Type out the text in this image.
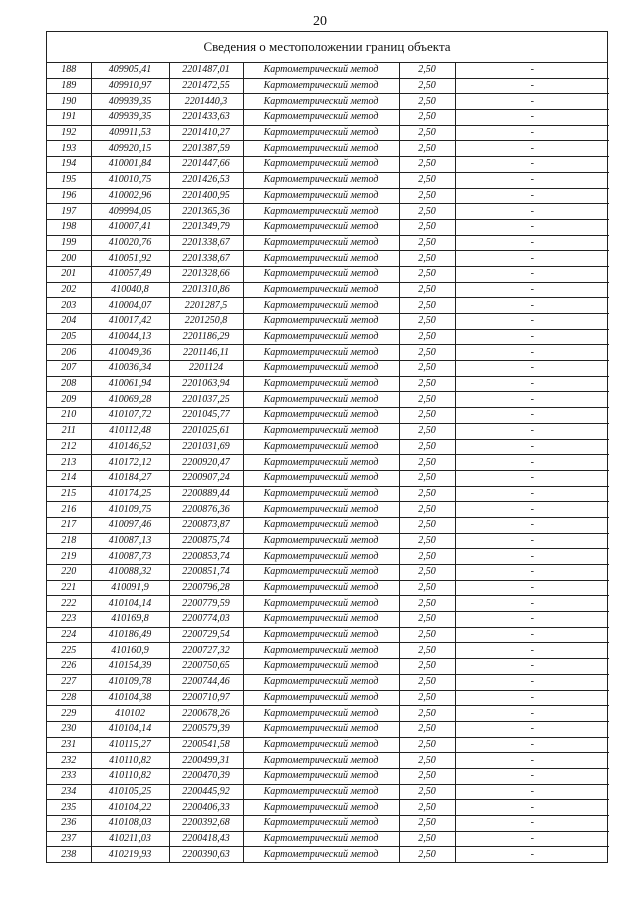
20
Сведения о местоположении границ объекта
188	409905,41	2201487,01	Картометрический метод	2,50	-
189	409910,97	2201472,55	Картометрический метод	2,50	-
190	409939,35	2201440,3	Картометрический метод	2,50	-
191	409939,35	2201433,63	Картометрический метод	2,50	-
192	409911,53	2201410,27	Картометрический метод	2,50	-
193	409920,15	2201387,59	Картометрический метод	2,50	-
194	410001,84	2201447,66	Картометрический метод	2,50	-
195	410010,75	2201426,53	Картометрический метод	2,50	-
196	410002,96	2201400,95	Картометрический метод	2,50	-
197	409994,05	2201365,36	Картометрический метод	2,50	-
198	410007,41	2201349,79	Картометрический метод	2,50	-
199	410020,76	2201338,67	Картометрический метод	2,50	-
200	410051,92	2201338,67	Картометрический метод	2,50	-
201	410057,49	2201328,66	Картометрический метод	2,50	-
202	410040,8	2201310,86	Картометрический метод	2,50	-
203	410004,07	2201287,5	Картометрический метод	2,50	-
204	410017,42	2201250,8	Картометрический метод	2,50	-
205	410044,13	2201186,29	Картометрический метод	2,50	-
206	410049,36	2201146,11	Картометрический метод	2,50	-
207	410036,34	2201124	Картометрический метод	2,50	-
208	410061,94	2201063,94	Картометрический метод	2,50	-
209	410069,28	2201037,25	Картометрический метод	2,50	-
210	410107,72	2201045,77	Картометрический метод	2,50	-
211	410112,48	2201025,61	Картометрический метод	2,50	-
212	410146,52	2201031,69	Картометрический метод	2,50	-
213	410172,12	2200920,47	Картометрический метод	2,50	-
214	410184,27	2200907,24	Картометрический метод	2,50	-
215	410174,25	2200889,44	Картометрический метод	2,50	-
216	410109,75	2200876,36	Картометрический метод	2,50	-
217	410097,46	2200873,87	Картометрический метод	2,50	-
218	410087,13	2200875,74	Картометрический метод	2,50	-
219	410087,73	2200853,74	Картометрический метод	2,50	-
220	410088,32	2200851,74	Картометрический метод	2,50	-
221	410091,9	2200796,28	Картометрический метод	2,50	-
222	410104,14	2200779,59	Картометрический метод	2,50	-
223	410169,8	2200774,03	Картометрический метод	2,50	-
224	410186,49	2200729,54	Картометрический метод	2,50	-
225	410160,9	2200727,32	Картометрический метод	2,50	-
226	410154,39	2200750,65	Картометрический метод	2,50	-
227	410109,78	2200744,46	Картометрический метод	2,50	-
228	410104,38	2200710,97	Картометрический метод	2,50	-
229	410102	2200678,26	Картометрический метод	2,50	-
230	410104,14	2200579,39	Картометрический метод	2,50	-
231	410115,27	2200541,58	Картометрический метод	2,50	-
232	410110,82	2200499,31	Картометрический метод	2,50	-
233	410110,82	2200470,39	Картометрический метод	2,50	-
234	410105,25	2200445,92	Картометрический метод	2,50	-
235	410104,22	2200406,33	Картометрический метод	2,50	-
236	410108,03	2200392,68	Картометрический метод	2,50	-
237	410211,03	2200418,43	Картометрический метод	2,50	-
238	410219,93	2200390,63	Картометрический метод	2,50	-
